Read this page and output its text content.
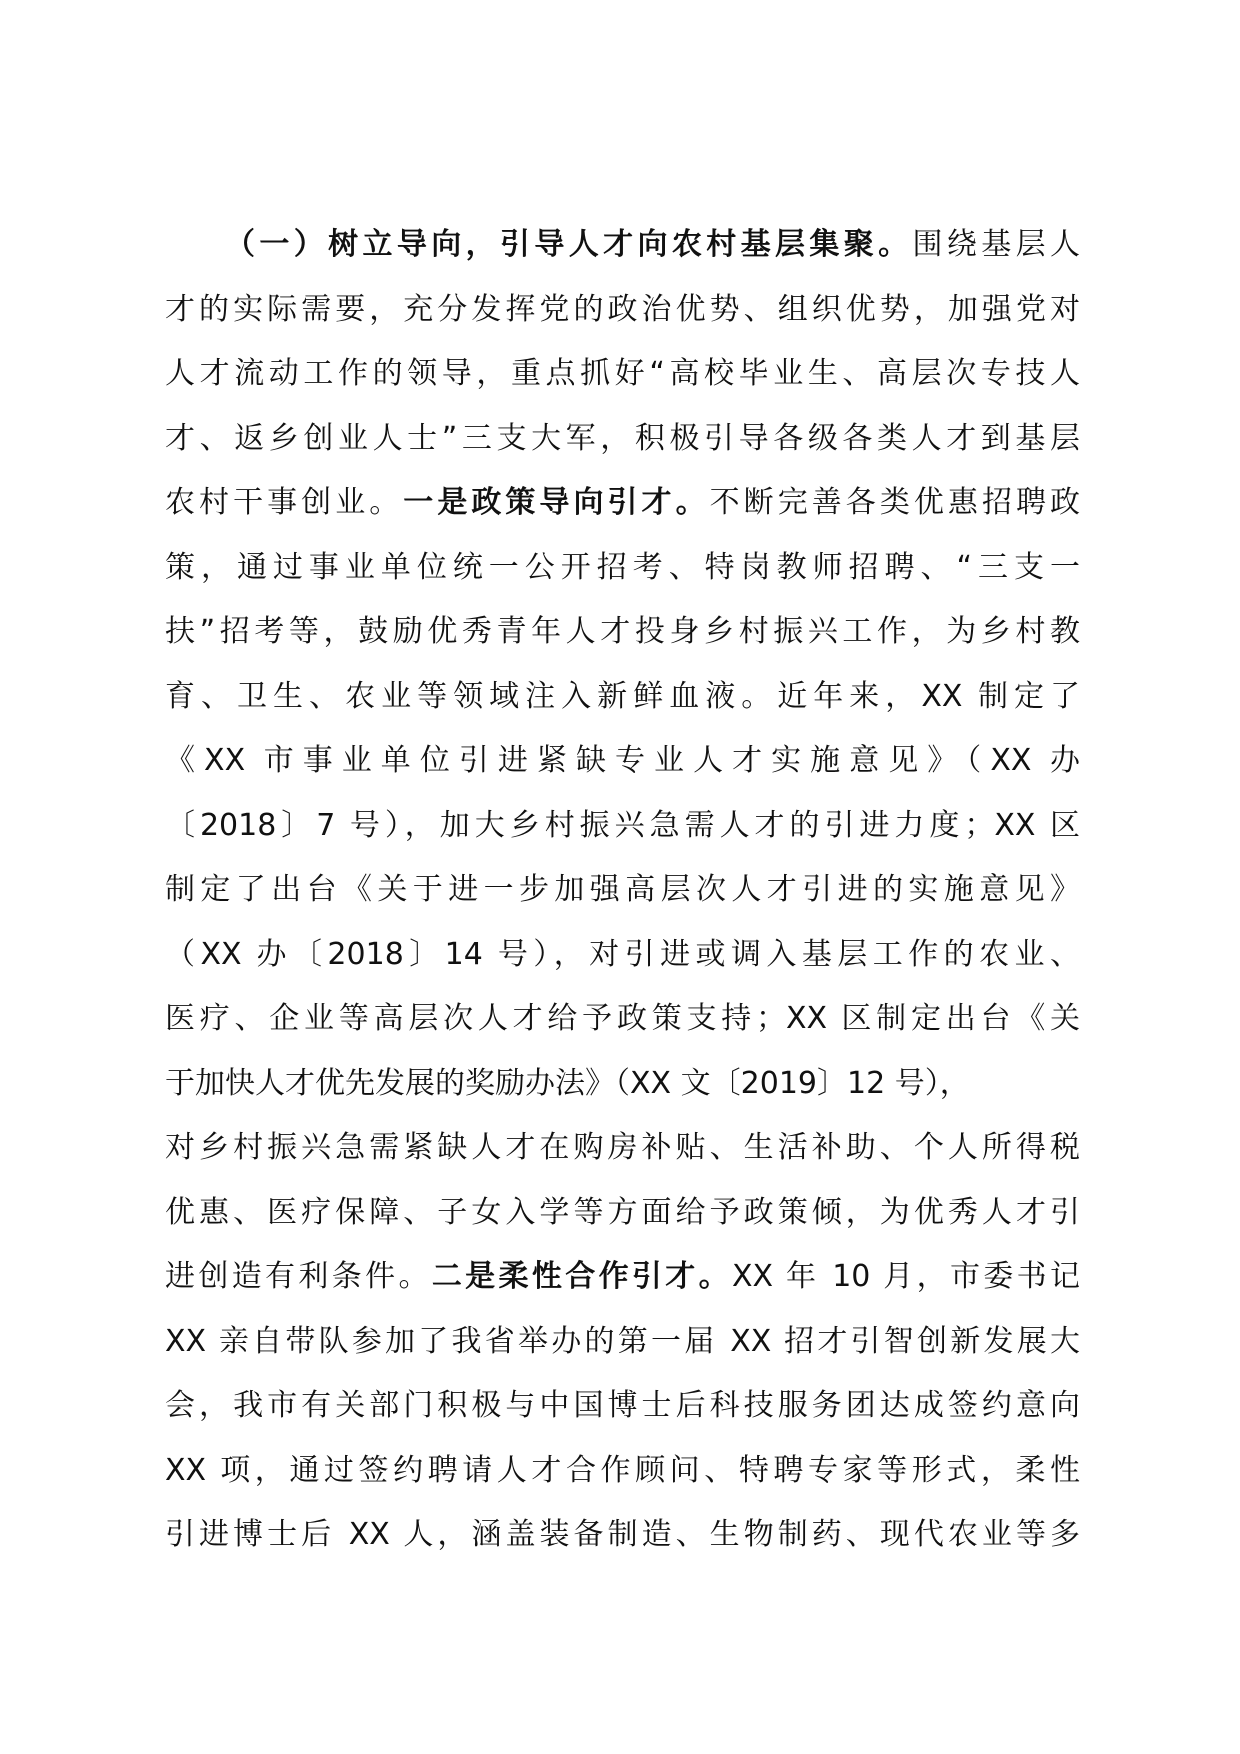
（一）树立导向，引导人才向农村基层集聚。围绕基层人
才的实际需要，充分发挥党的政治优势、组织优势，加强党对
人才流动工作的领导，重点抓好“高校毕业生、高层次专技人
才、返乡创业人士”三支大军，积极引导各级各类人才到基层
农村干事创业。一是政策导向引才。不断完善各类优惠招聘政
策，通过事业单位统一公开招考、特岗教师招聘、“三支一
扶”招考等，鼓励优秀青年人才投身乡村振兴工作，为乡村教
育、卫生、农业等领域注入新鲜血液。近年来，XX 制定了
《XX 市事业单位引进紧缺专业人才实施意见》（XX 办
〔2018〕7 号），加大乡村振兴急需人才的引进力度；XX 区
制定了出台《关于进一步加强高层次人才引进的实施意见》
（XX 办〔2018〕14 号），对引进或调入基层工作的农业、
医疗、企业等高层次人才给予政策支持；XX 区制定出台《关
于加快人才优先发展的奖励办法》（XX 文〔2019〕12 号），
对乡村振兴急需紧缺人才在购房补贴、生活补助、个人所得税
优惠、医疗保障、子女入学等方面给予政策倾，为优秀人才引
进创造有利条件。二是柔性合作引才。XX 年 10 月，市委书记
XX 亲自带队参加了我省举办的第一届 XX 招才引智创新发展大
会，我市有关部门积极与中国博士后科技服务团达成签约意向
XX 项，通过签约聘请人才合作顾问、特聘专家等形式，柔性
引进博士后 XX 人，涵盖装备制造、生物制药、现代农业等多
